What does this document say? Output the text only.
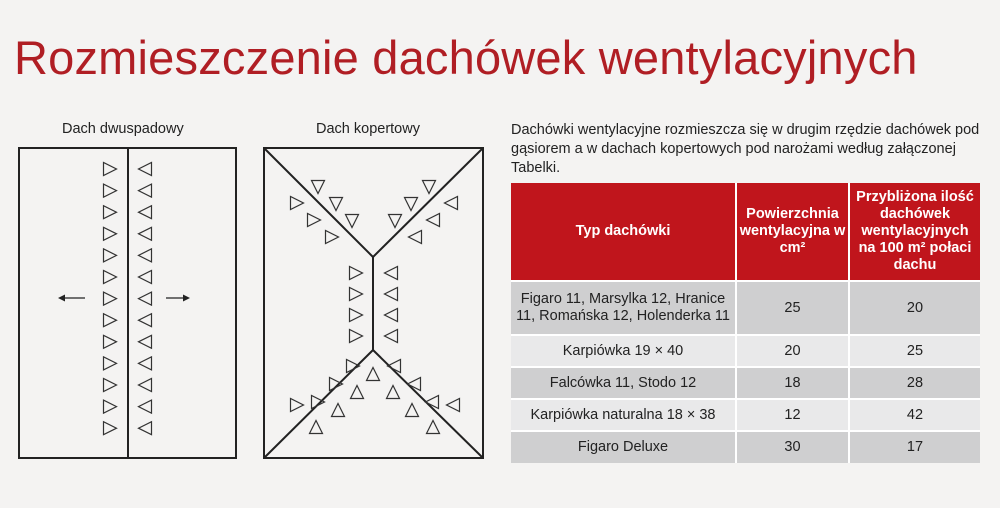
Rozmieszczenie dachówek wentylacyjnych
Dach dwuspadowy	Dach kopertowy	Dachówki wentylacyjne rozmieszcza się w drugim rzędzie dachówek pod gąsiorem a w dachach kopertowych pod narożami według załączonej Tabelki.
Typ dachówki	Powierzchnia wentylacyjna w cm²	Przybliżona ilość dachówek wentylacyjnych na 100 m² połaci dachu
Figaro 11, Marsylka 12, Hranice 11, Romańska 12, Holenderka 11	25	20
Karpiówka 19 × 40	20	25
Falcówka 11, Stodo 12	18	28
Karpiówka naturalna 18 × 38	12	42
Figaro Deluxe	30	17
